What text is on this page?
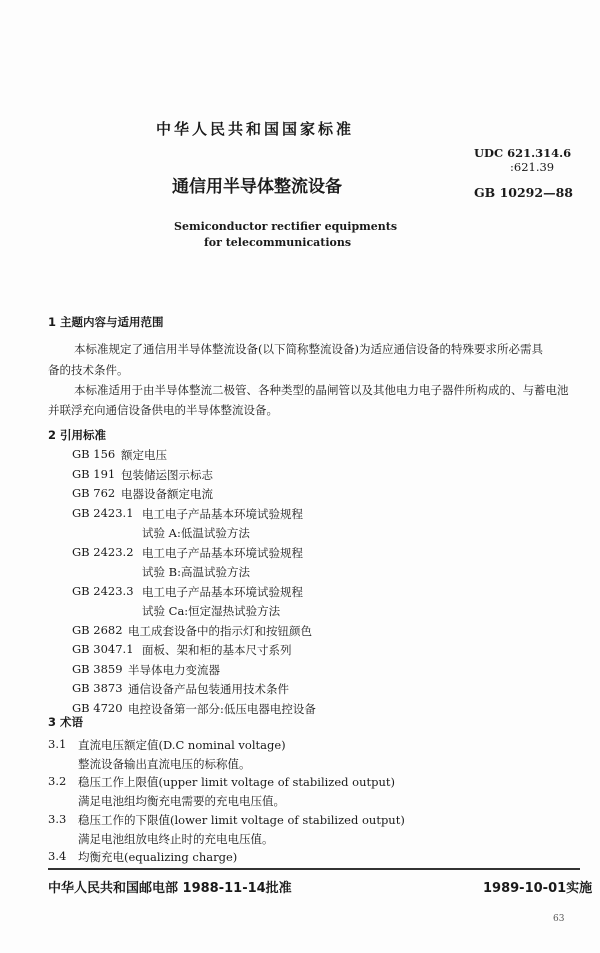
中华人民共和国国家标准
通信用半导体整流设备
Semiconductor rectifier equipments
for telecommunications
UDC 621.314.6
:621.39
GB 10292—88
1 主题内容与适用范围
本标准规定了通信用半导体整流设备(以下简称整流设备)为适应通信设备的特殊要求所必需具
备的技术条件。
本标准适用于由半导体整流二极管、各种类型的晶闸管以及其他电力电子器件所构成的、与蓄电池
并联浮充向通信设备供电的半导体整流设备。
2 引用标准
GB 156 额定电压
GB 191 包装储运图示标志
GB 762 电器设备额定电流
GB 2423.1 电工电子产品基本环境试验规程
试验 A:低温试验方法
GB 2423.2 电工电子产品基本环境试验规程
试验 B:高温试验方法
GB 2423.3 电工电子产品基本环境试验规程
试验 Ca:恒定湿热试验方法
GB 2682 电工成套设备中的指示灯和按钮颜色
GB 3047.1 面板、架和柜的基本尺寸系列
GB 3859 半导体电力变流器
GB 3873 通信设备产品包装通用技术条件
GB 4720 电控设备第一部分:低压电器电控设备
3 术语
3.1 直流电压额定值(D.C nominal voltage)
整流设备输出直流电压的标称值。
3.2 稳压工作上限值(upper limit voltage of stabilized output)
满足电池组均衡充电需要的充电电压值。
3.3 稳压工作的下限值(lower limit voltage of stabilized output)
满足电池组放电终止时的充电电压值。
3.4 均衡充电(equalizing charge)
中华人民共和国邮电部 1988-11-14批准	1989-10-01实施
63
